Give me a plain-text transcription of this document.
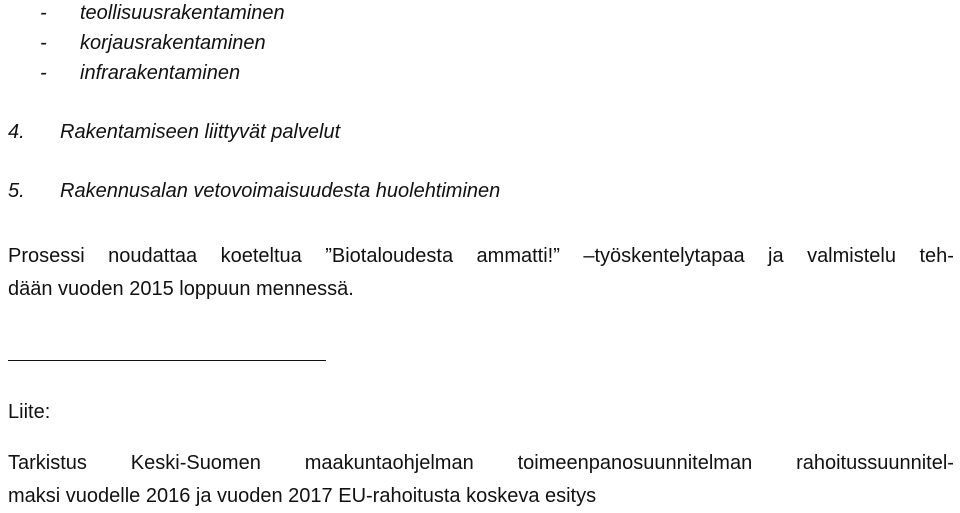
- teollisuusrakentaminen
- korjausrakentaminen
- infrarakentaminen
4. Rakentamiseen liittyvät palvelut
5. Rakennusalan vetovoimaisuudesta huolehtiminen
Prosessi noudattaa koeteltua ”Biotaloudesta ammatti!” –työskentelytapaa ja valmistelu teh-
dään vuoden 2015 loppuun mennessä.
Liite:
Tarkistus Keski-Suomen maakuntaohjelman toimeenpanosuunnitelman rahoitussuunnitel-
maksi vuodelle 2016 ja vuoden 2017 EU-rahoitusta koskeva esitys
